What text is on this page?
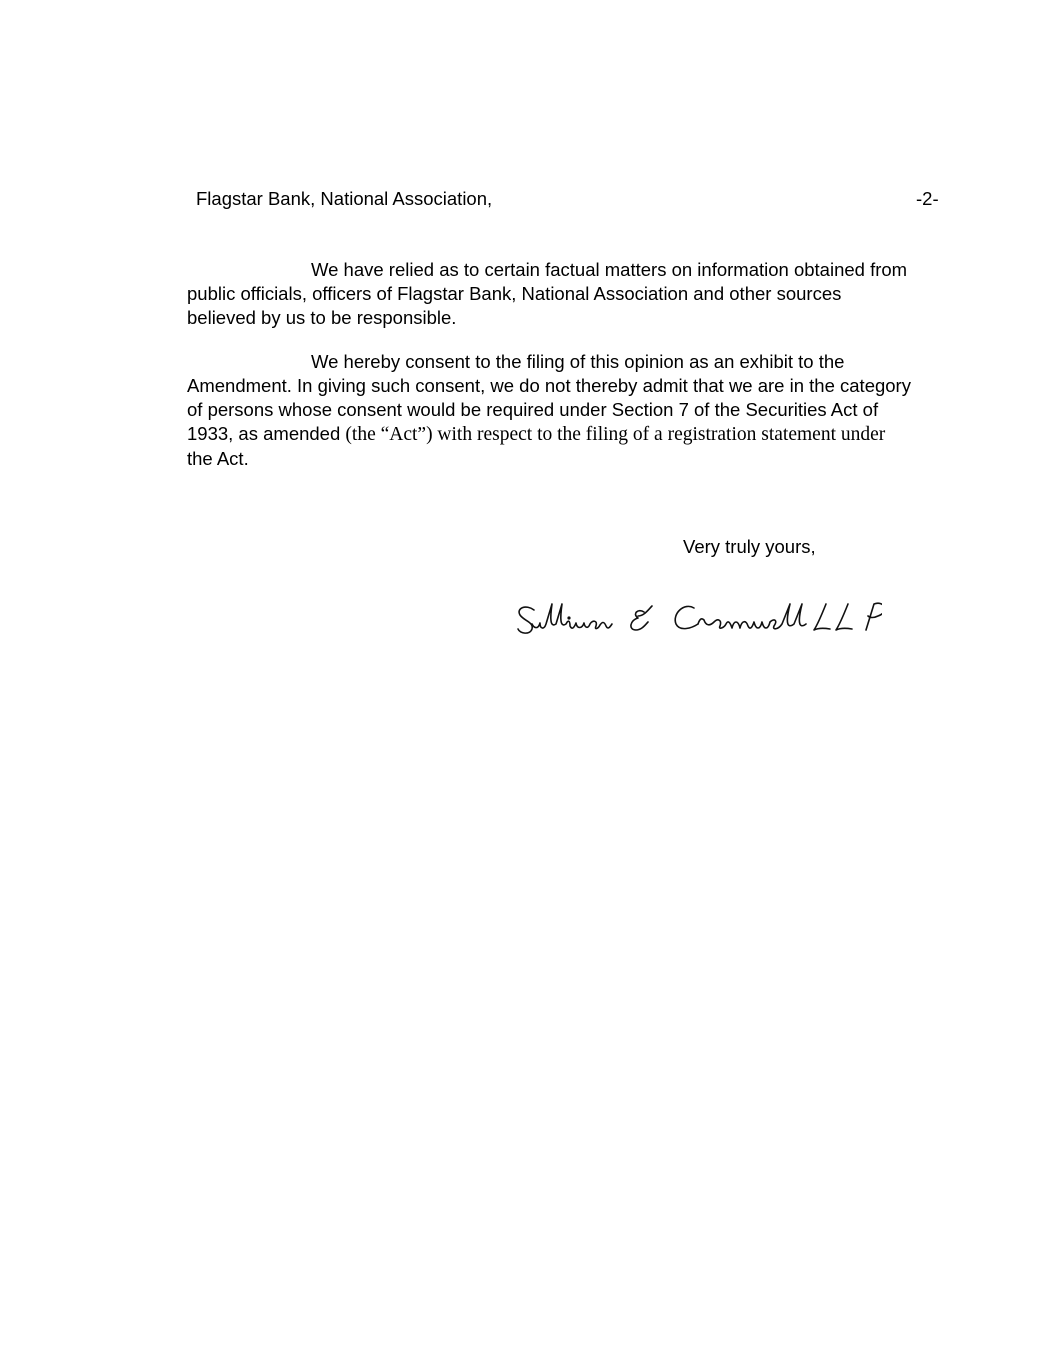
Flagstar Bank, National Association,	-2-
We have relied as to certain factual matters on information obtained from
public officials, officers of Flagstar Bank, National Association and other sources
believed by us to be responsible.
We hereby consent to the filing of this opinion as an exhibit to the
Amendment. In giving such consent, we do not thereby admit that we are in the category
of persons whose consent would be required under Section 7 of the Securities Act of
1933, as amended (the “Act”) with respect to the filing of a registration statement under
the Act.
Very truly yours,
